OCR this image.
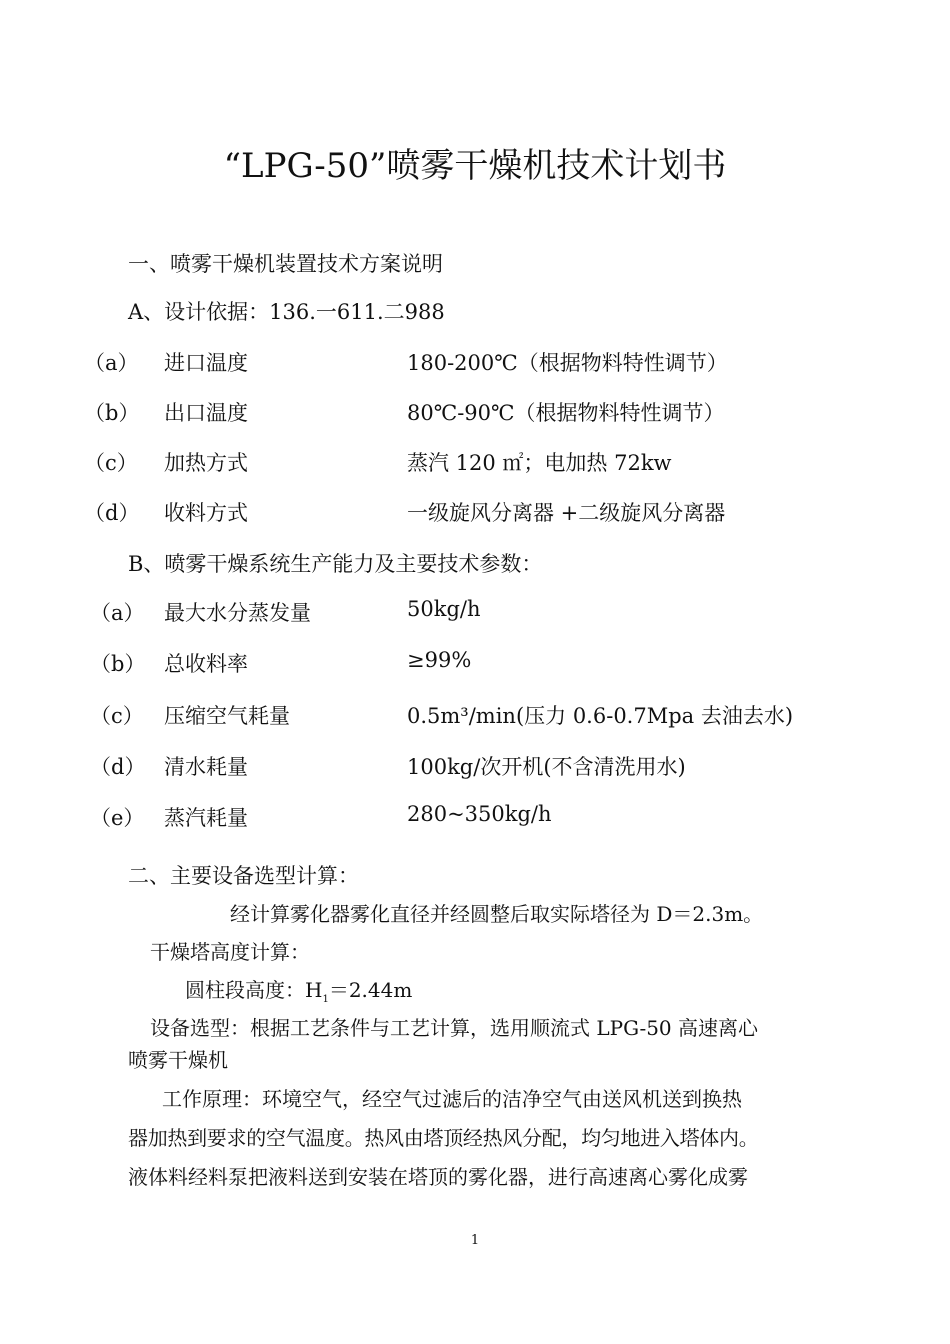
“LPG-50”喷雾干燥机技术计划书
一、喷雾干燥机装置技术方案说明
A、设计依据：136.一611.二988
（a） 进口温度	180-200℃（根据物料特性调节）
（b） 出口温度	80℃-90℃（根据物料特性调节）
（c） 加热方式	蒸汽 120 ㎡；电加热 72kw
（d） 收料方式	一级旋风分离器 +二级旋风分离器
B、喷雾干燥系统生产能力及主要技术参数：
（a） 最大水分蒸发量	50kg/h
（b） 总收料率	≥99%
（c） 压缩空气耗量	0.5m³/min(压力 0.6-0.7Mpa 去油去水)
（d） 清水耗量	100kg/次开机(不含清洗用水)
（e） 蒸汽耗量	280~350kg/h
二、主要设备选型计算：
经计算雾化器雾化直径并经圆整后取实际塔径为 D＝2.3m。
干燥塔高度计算：
圆柱段高度：$H_1=2.44m$
设备选型：根据工艺条件与工艺计算，选用顺流式 LPG-50 高速离心
喷雾干燥机
工作原理：环境空气，经空气过滤后的洁净空气由送风机送到换热
器加热到要求的空气温度。热风由塔顶经热风分配，均匀地进入塔体内。
液体料经料泵把液料送到安装在塔顶的雾化器，进行高速离心雾化成雾
1
